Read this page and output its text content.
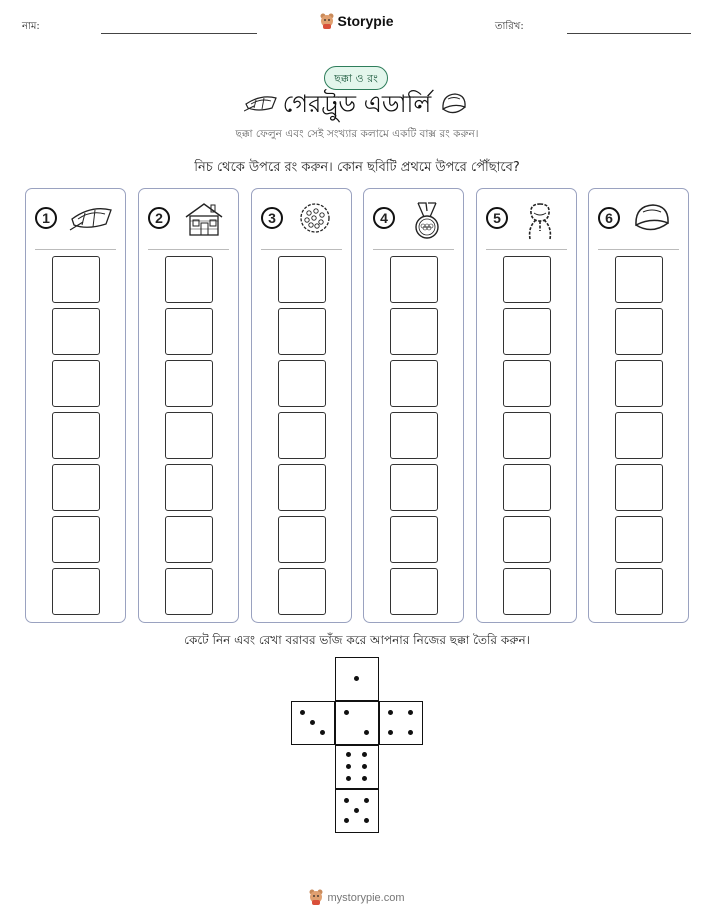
নাম:	Storypie	তারিখ:
ছক্কা ও রং
গেরট্রুড এডার্লি
ছক্কা ফেলুন এবং সেই সংখ্যার কলামে একটি বাক্স রং করুন।
নিচ থেকে উপরে রং করুন। কোন ছবিটি প্রথমে উপরে পৌঁছাবে?
1	2	3	4	5	6
কেটে নিন এবং রেখা বরাবর ভাঁজ করে আপনার নিজের ছক্কা তৈরি করুন।
mystorypie.com
